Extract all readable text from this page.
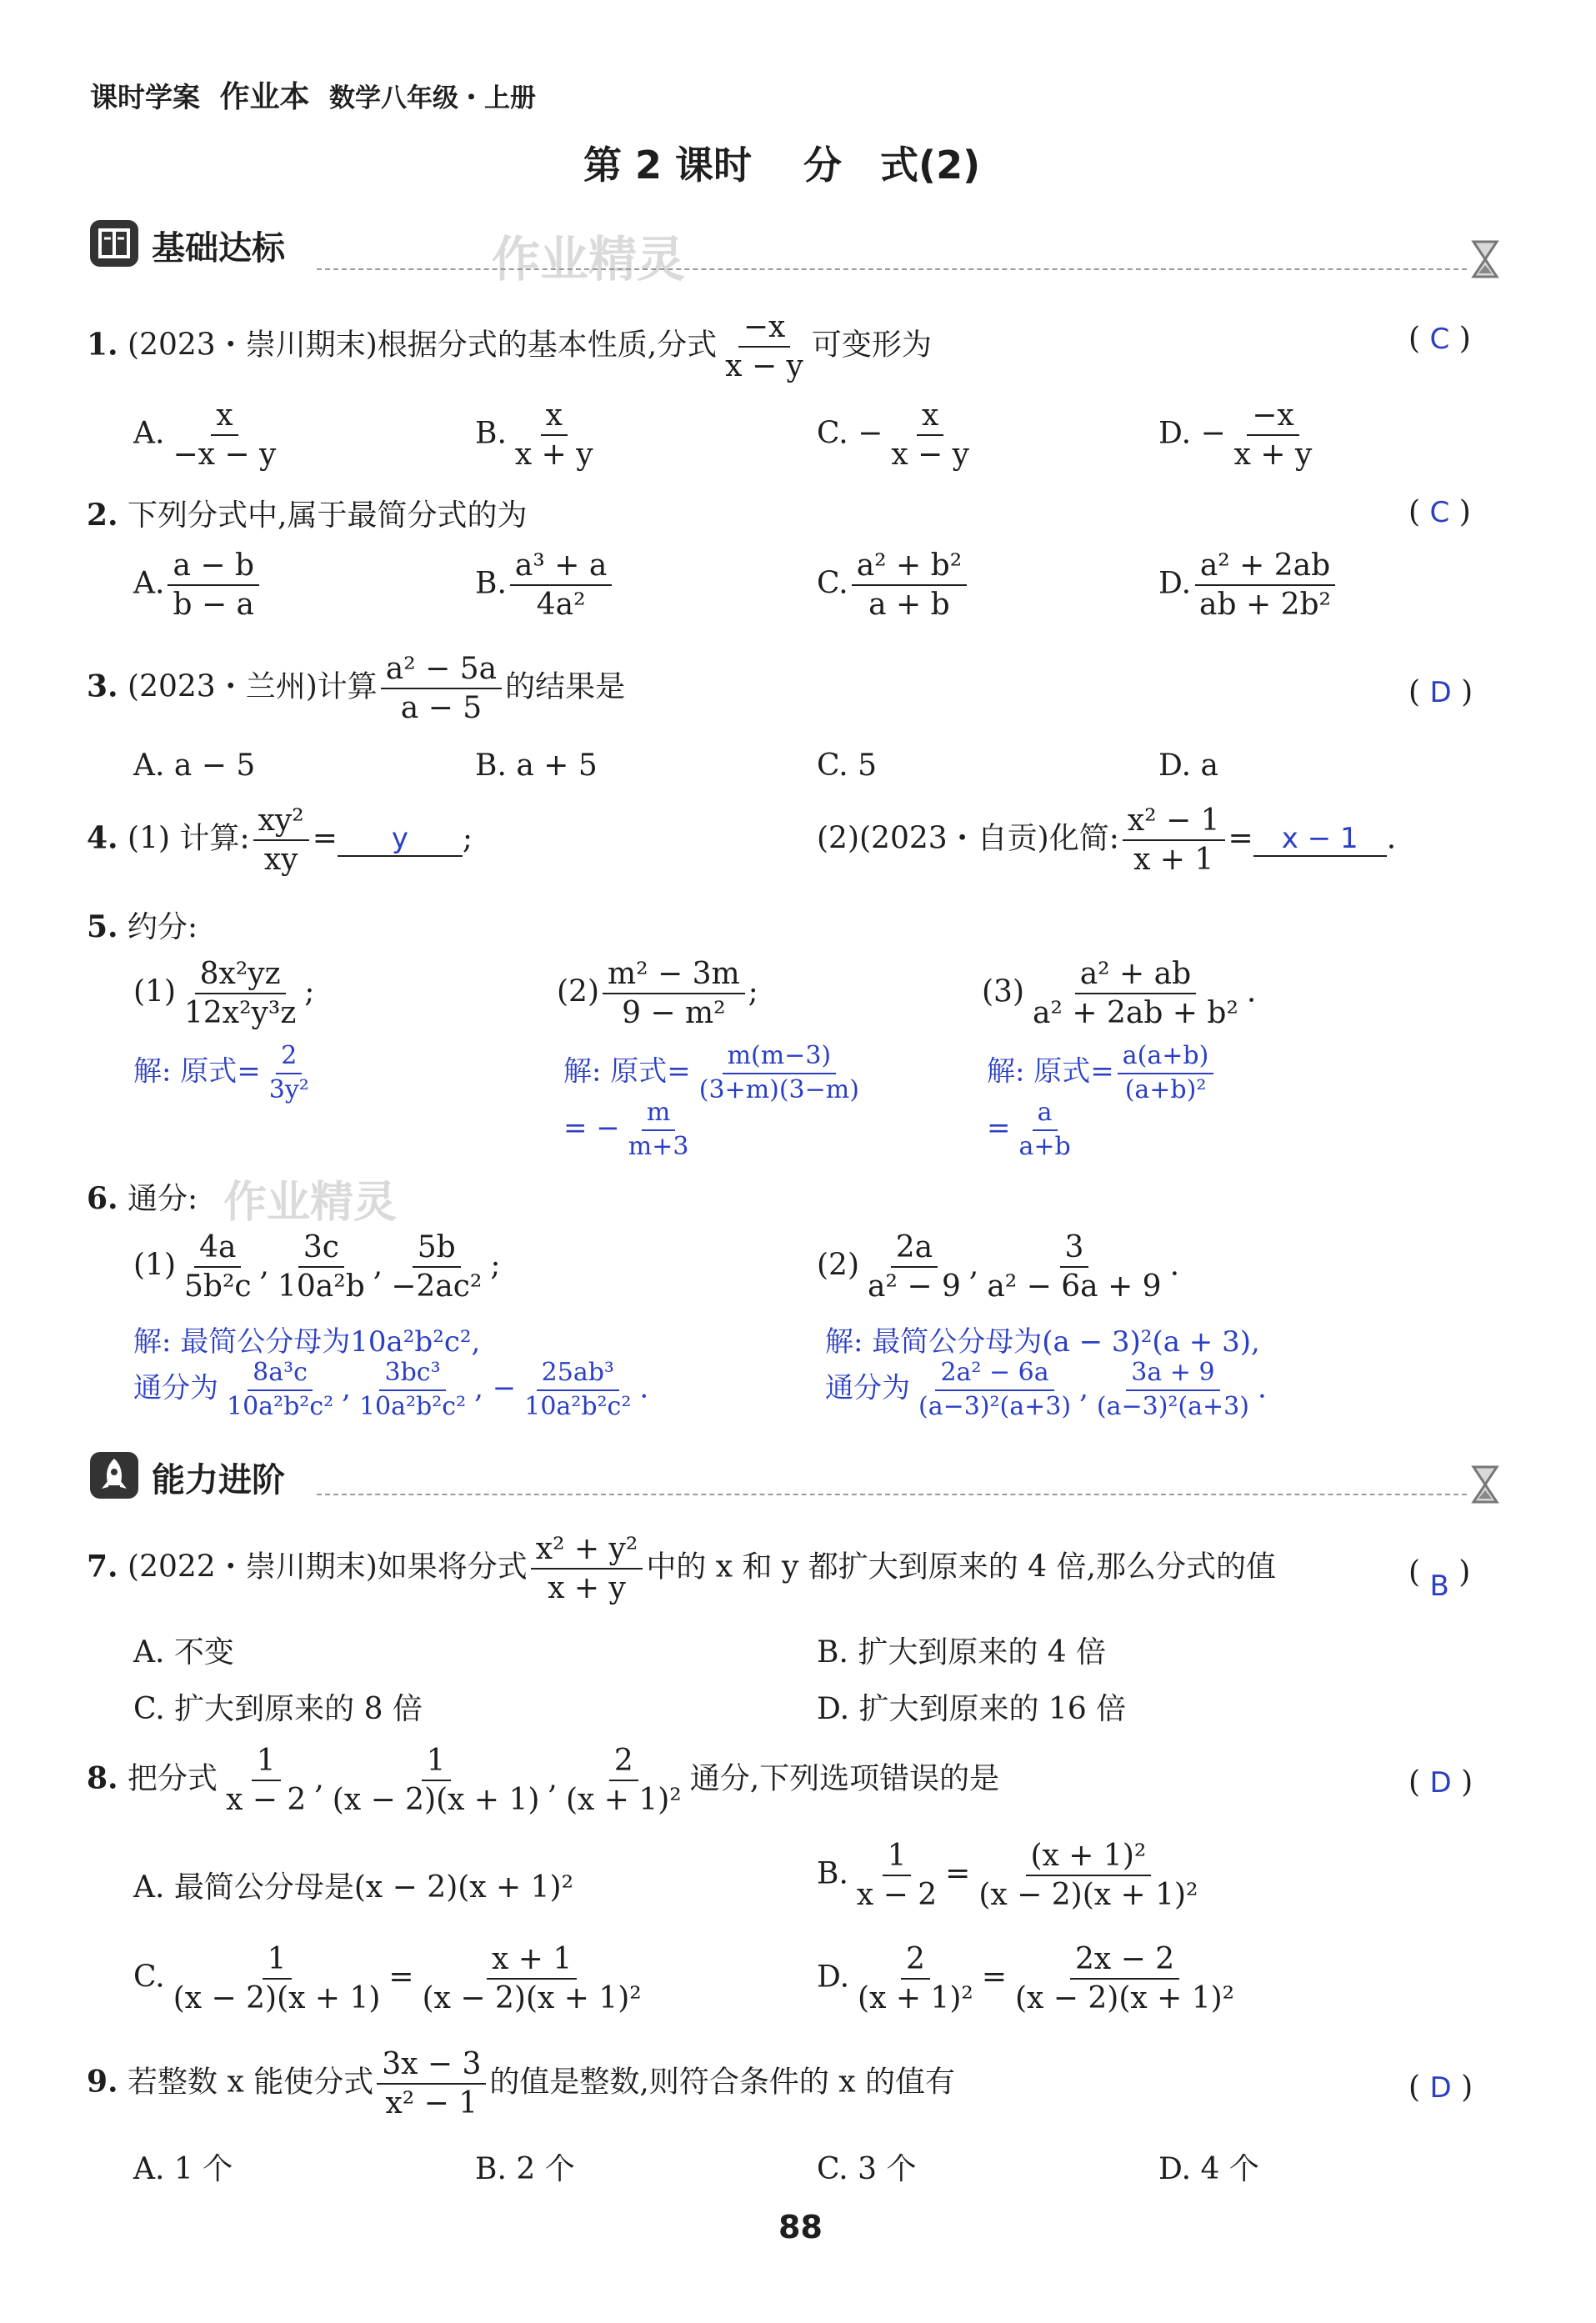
课时学案 作业本 数学八年级・上册
第 2 课时　 分　式(2)
基础达标	作业精灵
1. (2023・崇川期末)根据分式的基本性质,分式 $\frac{-x}{x - y}$ 可变形为	( C )
A. $\frac{x}{-x - y}$	B. $\frac{x}{x + y}$	C. − $\frac{x}{x - y}$	D. − $\frac{-x}{x + y}$
2. 下列分式中,属于最简分式的为	( C )
A. $\frac{a - b}{b - a}$	B. $\frac{\text{a³ + a}}{\text{4a²}}$	C. $\frac{\text{a² + b²}}{a + b}$	D. $\frac{\text{a² + 2ab}}{\text{ab + 2b²}}$
3. (2023・兰州)计算 $\frac{\text{a² − 5a}}{a - 5}$ 的结果是	( D )
A. a − 5	B. a + 5	C. 5	D. a
4. (1) 计算: $\frac{\text{xy²}}{xy} = y$ ;	(2)(2023・自贡)化简: $\frac{\text{x² − 1}}{x + 1} = x - 1$ .
5. 约分:
$(1) \frac{\text{8x²yz}}{\text{12x²y³z}}$ ;
解: 原式= $\frac{2}{\text{3y²}}$
$(2) \frac{\text{m² − 3m}}{\text{9 − m²}}$ ;
解: 原式= $\frac{m(m-3)}{(3+m)(3-m)}$
= − $\frac{m}{m+3}$
$(3) \frac{\text{a² + ab}}{\text{a² + 2ab + b²}}$ .
解: 原式= $\frac{a(a+b)}{\text{(a+b)²}}$
= $\frac{a}{a+b}$
6. 通分: 作业精灵
$(1) \frac{4a}{\text{5b²c}}$ , $\frac{3c}{\text{10a²b}}$ , $\frac{5b}{\text{−2ac²}}$ ;
解: 最简公分母为10a²b²c²,
通分为 $\frac{\text{8a³c}}{\text{10a²b²c²}}$ , $\frac{\text{3bc³}}{\text{10a²b²c²}}$ , − $\frac{\text{25ab³}}{\text{10a²b²c²}}$ .
$(2) \frac{2a}{\text{a² − 9}}$ , $\frac{3}{\text{a² − 6a + 9}}$ .
解: 最简公分母为(a − 3)²(a + 3),
通分为 $\frac{\text{2a² − 6a}}{\text{(a−3)²(a+3)}}$ , $\frac{3a + 9}{\text{(a−3)²(a+3)}}$ .
能力进阶
7. (2022・崇川期末)如果将分式 $\frac{\text{x² + y²}}{x + y}$ 中的 x 和 y 都扩大到原来的 4 倍,那么分式的值	( B )
A. 不变	B. 扩大到原来的 4 倍
C. 扩大到原来的 8 倍	D. 扩大到原来的 16 倍
8. 把分式 $\frac{1}{x - 2}$ , $\frac{1}{(x - 2)(x + 1)}$ , $\frac{2}{\text{(x + 1)²}}$ 通分,下列选项错误的是	( D )
A. 最简公分母是(x − 2)(x + 1)²	B. $\frac{1}{x - 2} = \frac{\text{(x + 1)²}}{\text{(x − 2)(x + 1)²}}$
C. $\frac{1}{(x - 2)(x + 1)} = \frac{x + 1}{\text{(x − 2)(x + 1)²}}$	D. $\frac{2}{\text{(x + 1)²}} = \frac{2x - 2}{\text{(x − 2)(x + 1)²}}$
9. 若整数 x 能使分式 $\frac{3x - 3}{\text{x² − 1}}$ 的值是整数,则符合条件的 x 的值有	( D )
A. 1 个	B. 2 个	C. 3 个	D. 4 个
88
